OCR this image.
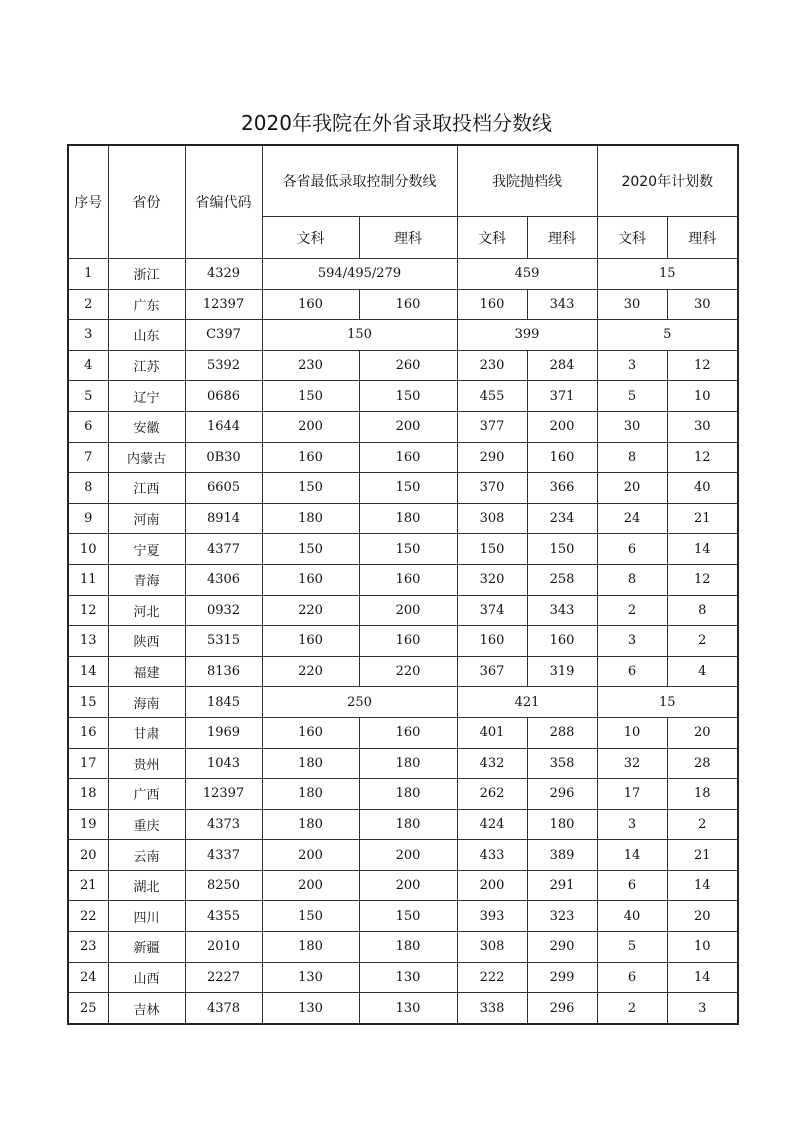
2020年我院在外省录取投档分数线
序号	省份	省编代码	各省最低录取控制分数线		我院抛档线		2020年计划数	
			文科	理科	文科	理科	文科	理科
1	浙江	4329	594/495/279		459		15	
2	广东	12397	160	160	160	343	30	30
3	山东	C397	150		399		5	
4	江苏	5392	230	260	230	284	3	12
5	辽宁	0686	150	150	455	371	5	10
6	安徽	1644	200	200	377	200	30	30
7	内蒙古	0B30	160	160	290	160	8	12
8	江西	6605	150	150	370	366	20	40
9	河南	8914	180	180	308	234	24	21
10	宁夏	4377	150	150	150	150	6	14
11	青海	4306	160	160	320	258	8	12
12	河北	0932	220	200	374	343	2	8
13	陕西	5315	160	160	160	160	3	2
14	福建	8136	220	220	367	319	6	4
15	海南	1845	250		421		15	
16	甘肃	1969	160	160	401	288	10	20
17	贵州	1043	180	180	432	358	32	28
18	广西	12397	180	180	262	296	17	18
19	重庆	4373	180	180	424	180	3	2
20	云南	4337	200	200	433	389	14	21
21	湖北	8250	200	200	200	291	6	14
22	四川	4355	150	150	393	323	40	20
23	新疆	2010	180	180	308	290	5	10
24	山西	2227	130	130	222	299	6	14
25	吉林	4378	130	130	338	296	2	3
